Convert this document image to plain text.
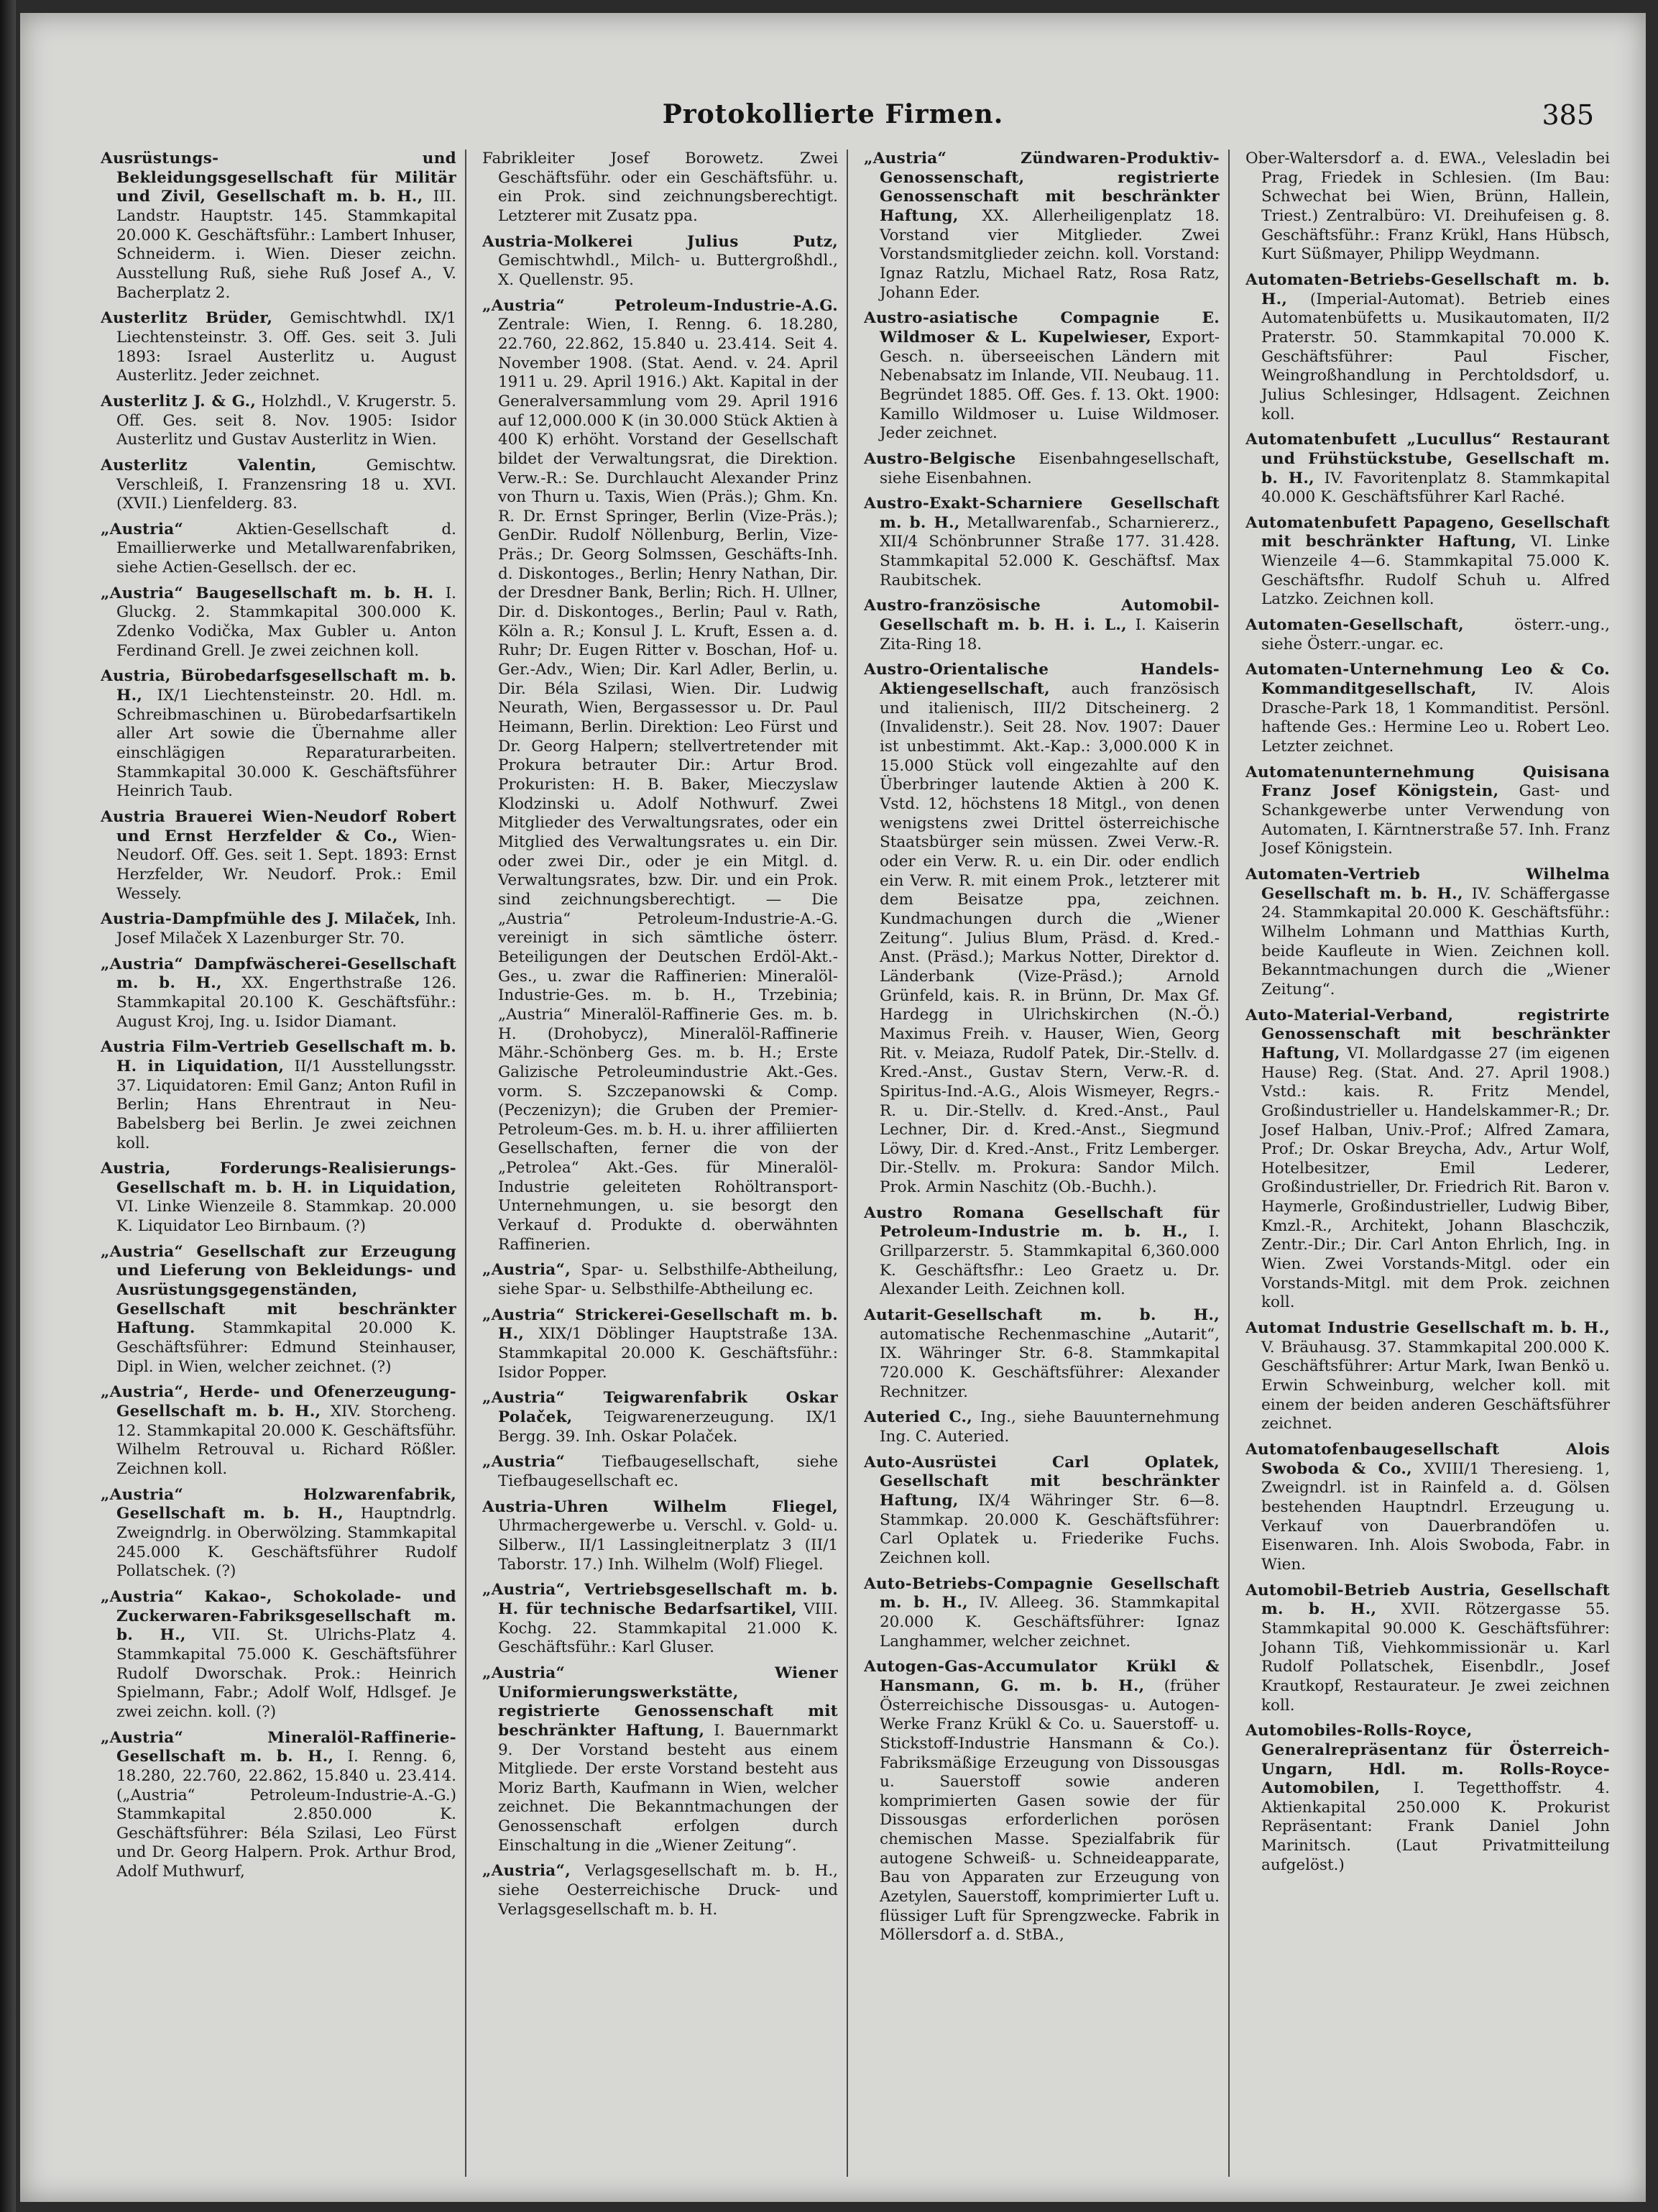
Protokollierte Firmen.	385

Ausrüstungs- und Bekleidungsgesellschaft für Militär und Zivil, Gesellschaft m. b. H., III. Landstr. Hauptstr. 145. Stammkapital 20.000 K. Geschäftsführ.: Lambert Inhuser, Schneiderm. i. Wien. Dieser zeichn. Ausstellung Ruß, siehe Ruß Josef A., V. Bacherplatz 2.

Austerlitz Brüder, Gemischtwhdl. IX/1 Liechtensteinstr. 3. Off. Ges. seit 3. Juli 1893: Israel Austerlitz u. August Austerlitz. Jeder zeichnet.

Austerlitz J. & G., Holzhdl., V. Krugerstr. 5. Off. Ges. seit 8. Nov. 1905: Isidor Austerlitz und Gustav Austerlitz in Wien.

Austerlitz Valentin,	Gemischtw. Verschleiß, I. Franzensring 18 u. XVI. (XVII.) Lienfelderg. 83.

„Austria“	Aktien-Gesellschaft d. Emaillierwerke und Metallwarenfabriken, siehe Actien-Gesellsch. der ec.

„Austria“ Baugesellschaft m. b. H. I. Gluckg. 2. Stammkapital 300.000 K. Zdenko Vodička, Max Gubler u. Anton Ferdinand Grell. Je zwei zeichnen koll.

Austria, Bürobedarfsgesellschaft m. b. H., IX/1 Liechtensteinstr. 20. Hdl. m. Schreibmaschinen u. Bürobedarfsartikeln aller Art sowie die Übernahme aller einschlägigen Reparaturarbeiten. Stammkapital 30.000 K. Geschäftsführer Heinrich Taub.

Austria Brauerei Wien-Neudorf Robert und Ernst Herzfelder & Co., Wien-Neudorf. Off. Ges. seit 1. Sept. 1893: Ernst Herzfelder, Wr. Neudorf. Prok.: Emil Wessely.

Austria-Dampfmühle des J. Milaček, Inh. Josef Milaček X Lazenburger Str. 70.

„Austria“ Dampfwäscherei-Gesellschaft m. b. H., XX. Engerthstraße 126. Stammkapital 20.100 K. Geschäftsführ.: August Kroj, Ing. u. Isidor Diamant.

Austria Film-Vertrieb Gesellschaft m. b. H. in Liquidation, II/1 Ausstellungsstr. 37. Liquidatoren: Emil Ganz; Anton Rufil in Berlin; Hans Ehrentraut in Neu-Babelsberg bei Berlin. Je zwei zeichnen koll.

Austria, Forderungs-Realisierungs-Gesellschaft m. b. H. in Liquidation, VI. Linke Wienzeile 8. Stammkap. 20.000 K. Liquidator Leo Birnbaum. (?)

„Austria“ Gesellschaft zur Erzeugung und Lieferung von Bekleidungs- und Ausrüstungsgegenständen, Gesellschaft mit beschränkter Haftung. Stammkapital 20.000 K. Geschäftsführer: Edmund Steinhauser, Dipl. in Wien, welcher zeichnet. (?)

„Austria“, Herde- und Ofenerzeugung-Gesellschaft m. b. H., XIV. Storcheng. 12. Stammkapital 20.000 K. Geschäftsführ. Wilhelm Retrouval u. Richard Rößler. Zeichnen koll.

„Austria“ Holzwarenfabrik, Gesellschaft m. b. H., Hauptndrlg. Zweigndrlg. in Oberwölzing. Stammkapital 245.000 K. Geschäftsführer Rudolf Pollatschek. (?)

„Austria“ Kakao-, Schokolade- und Zuckerwaren-Fabriksgesellschaft m. b. H., VII. St. Ulrichs-Platz 4. Stammkapital 75.000 K. Geschäftsführer Rudolf Dworschak. Prok.: Heinrich Spielmann, Fabr.; Adolf Wolf, Hdlsgef. Je zwei zeichn. koll. (?)

„Austria“ Mineralöl-Raffinerie-Gesellschaft m. b. H., I. Renng. 6, 18.280, 22.760, 22.862, 15.840 u. 23.414. („Austria“ Petroleum-Industrie-A.-G.) Stammkapital 2.850.000 K. Geschäftsführer: Béla Szilasi, Leo Fürst und Dr. Georg Halpern. Prok. Arthur Brod, Adolf Muthwurf,

Fabrikleiter Josef Borowetz. Zwei Geschäftsführ. oder ein Geschäftsführ. u. ein Prok. sind zeichnungsberechtigt. Letzterer mit Zusatz ppa.

Austria-Molkerei Julius Putz, Gemischtwhdl., Milch- u. Buttergroßhdl., X. Quellenstr. 95.

„Austria“ Petroleum-Industrie-A.G. Zentrale: Wien, I. Renng. 6. 18.280, 22.760, 22.862, 15.840 u. 23.414. Seit 4. November 1908. (Stat. Aend. v. 24. April 1911 u. 29. April 1916.) Akt. Kapital in der Generalversammlung vom 29. April 1916 auf 12,000.000 K (in 30.000 Stück Aktien à 400 K) erhöht. Vorstand der Gesellschaft bildet der Verwaltungsrat, die Direktion. Verw.-R.: Se. Durchlaucht Alexander Prinz von Thurn u. Taxis, Wien (Präs.); Ghm. Kn. R. Dr. Ernst Springer, Berlin (Vize-Präs.); GenDir. Rudolf Nöllenburg, Berlin, Vize-Präs.; Dr. Georg Solmssen, Geschäfts-Inh. d. Diskontoges., Berlin; Henry Nathan, Dir. der Dresdner Bank, Berlin; Rich. H. Ullner, Dir. d. Diskontoges., Berlin; Paul v. Rath, Köln a. R.; Konsul J. L. Kruft, Essen a. d. Ruhr; Dr. Eugen Ritter v. Boschan, Hof- u. Ger.-Adv., Wien; Dir. Karl Adler, Berlin, u. Dir. Béla Szilasi, Wien. Dir. Ludwig Neurath, Wien, Bergassessor u. Dr. Paul Heimann, Berlin. Direktion: Leo Fürst und Dr. Georg Halpern; stellvertretender mit Prokura betrauter Dir.: Artur Brod. Prokuristen: H. B. Baker, Mieczyslaw Klodzinski u. Adolf Nothwurf. Zwei Mitglieder des Verwaltungsrates, oder ein Mitglied des Verwaltungsrates u. ein Dir. oder zwei Dir., oder je ein Mitgl. d. Verwaltungsrates, bzw. Dir. und ein Prok. sind zeichnungsberechtigt. — Die „Austria“ Petroleum-Industrie-A.-G. vereinigt in sich sämtliche österr. Beteiligungen der Deutschen Erdöl-Akt.-Ges., u. zwar die Raffinerien: Mineralöl-Industrie-Ges. m. b. H., Trzebinia; „Austria“ Mineralöl-Raffinerie Ges. m. b. H. (Drohobycz), Mineralöl-Raffinerie Mähr.-Schönberg Ges. m. b. H.; Erste Galizische Petroleumindustrie Akt.-Ges. vorm. S. Szczepanowski & Comp. (Peczenizyn); die Gruben der Premier-Petroleum-Ges. m. b. H. u. ihrer affiliierten Gesellschaften, ferner die von der „Petrolea“ Akt.-Ges. für Mineralöl-Industrie geleiteten Rohöltransport-Unternehmungen, u. sie besorgt den Verkauf d. Produkte d. oberwähnten Raffinerien.

„Austria“, Spar- u. Selbsthilfe-Abtheilung, siehe Spar- u. Selbsthilfe-Abtheilung ec.

„Austria“ Strickerei-Gesellschaft m. b. H., XIX/1 Döblinger Hauptstraße 13A. Stammkapital 20.000 K. Geschäftsführ.: Isidor Popper.

„Austria“ Teigwarenfabrik Oskar Polaček, Teigwarenerzeugung. IX/1 Bergg. 39. Inh. Oskar Polaček.

„Austria“ Tiefbaugesellschaft, siehe Tiefbaugesellschaft ec.

Austria-Uhren Wilhelm Fliegel, Uhrmachergewerbe u. Verschl. v. Gold- u. Silberw., II/1 Lassingleitnerplatz 3 (II/1 Taborstr. 17.) Inh. Wilhelm (Wolf) Fliegel.

„Austria“, Vertriebsgesellschaft m. b. H. für technische Bedarfsartikel, VIII. Kochg. 22. Stammkapital 21.000 K. Geschäftsführ.: Karl Gluser.

„Austria“ Wiener Uniformierungswerkstätte, registrierte Genossenschaft mit beschränkter Haftung, I. Bauernmarkt 9. Der Vorstand besteht aus einem Mitgliede. Der erste Vorstand besteht aus Moriz Barth, Kaufmann in Wien, welcher zeichnet. Die Bekanntmachungen der Genossenschaft erfolgen durch Einschaltung in die „Wiener Zeitung“.

„Austria“, Verlagsgesellschaft m. b. H., siehe Oesterreichische Druck- und Verlagsgesellschaft m. b. H.

„Austria“ Zündwaren-Produktiv-Genossenschaft, registrierte Genossenschaft mit beschränkter Haftung, XX. Allerheiligenplatz 18. Vorstand vier Mitglieder. Zwei Vorstandsmitglieder zeichn. koll. Vorstand: Ignaz Ratzlu, Michael Ratz, Rosa Ratz, Johann Eder.

Austro-asiatische Compagnie E. Wildmoser & L. Kupelwieser, Export-Gesch. n. überseeischen Ländern mit Nebenabsatz im Inlande, VII. Neubaug. 11. Begründet 1885. Off. Ges. f. 13. Okt. 1900: Kamillo Wildmoser u. Luise Wildmoser. Jeder zeichnet.

Austro-Belgische Eisenbahngesellschaft, siehe Eisenbahnen.

Austro-Exakt-Scharniere Gesellschaft m. b. H., Metallwarenfab., Scharniererz., XII/4 Schönbrunner Straße 177. 31.428. Stammkapital 52.000 K. Geschäftsf. Max Raubitschek.

Austro-französische Automobil-Gesellschaft m. b. H. i. L., I. Kaiserin Zita-Ring 18.

Austro-Orientalische Handels-Aktiengesellschaft, auch französisch und italienisch, III/2 Ditscheinerg. 2 (Invalidenstr.). Seit 28. Nov. 1907: Dauer ist unbestimmt. Akt.-Kap.: 3,000.000 K in 15.000 Stück voll eingezahlte auf den Überbringer lautende Aktien à 200 K. Vstd. 12, höchstens 18 Mitgl., von denen wenigstens zwei Drittel österreichische Staatsbürger sein müssen. Zwei Verw.-R. oder ein Verw. R. u. ein Dir. oder endlich ein Verw. R. mit einem Prok., letzterer mit dem Beisatze ppa, zeichnen. Kundmachungen durch die „Wiener Zeitung“. Julius Blum, Präsd. d. Kred.-Anst. (Präsd.); Markus Notter, Direktor d. Länderbank (Vize-Präsd.); Arnold Grünfeld, kais. R. in Brünn, Dr. Max Gf. Hardegg in Ulrichskirchen (N.-Ö.) Maximus Freih. v. Hauser, Wien, Georg Rit. v. Meiaza, Rudolf Patek, Dir.-Stellv. d. Kred.-Anst., Gustav Stern, Verw.-R. d. Spiritus-Ind.-A.G., Alois Wismeyer, Regrs.-R. u. Dir.-Stellv. d. Kred.-Anst., Paul Lechner, Dir. d. Kred.-Anst., Siegmund Löwy, Dir. d. Kred.-Anst., Fritz Lemberger. Dir.-Stellv. m. Prokura: Sandor Milch. Prok. Armin Naschitz (Ob.-Buchh.).

Austro Romana Gesellschaft für Petroleum-Industrie m. b. H., I. Grillparzerstr. 5. Stammkapital 6,360.000 K. Geschäftsfhr.: Leo Graetz u. Dr. Alexander Leith. Zeichnen koll.

Autarit-Gesellschaft m. b. H., automatische Rechenmaschine „Autarit“, IX. Währinger Str. 6-8. Stammkapital 720.000 K. Geschäftsführer: Alexander Rechnitzer.

Auteried C., Ing., siehe Bauunternehmung Ing. C. Auteried.

Auto-Ausrüstei Carl Oplatek, Gesellschaft mit beschränkter Haftung, IX/4 Währinger Str. 6—8. Stammkap. 20.000 K. Geschäftsführer: Carl Oplatek u. Friederike Fuchs. Zeichnen koll.

Auto-Betriebs-Compagnie Gesellschaft m. b. H., IV. Alleeg. 36. Stammkapital 20.000 K. Geschäftsführer: Ignaz Langhammer, welcher zeichnet.

Autogen-Gas-Accumulator Krükl & Hansmann, G. m. b. H., (früher Österreichische Dissousgas- u. Autogen-Werke Franz Krükl & Co. u. Sauerstoff- u. Stickstoff-Industrie Hansmann & Co.). Fabriksmäßige Erzeugung von Dissousgas u. Sauerstoff sowie anderen komprimierten Gasen sowie der für Dissousgas erforderlichen porösen chemischen Masse. Spezialfabrik für autogene Schweiß- u. Schneideapparate, Bau von Apparaten zur Erzeugung von Azetylen, Sauerstoff, komprimierter Luft u. flüssiger Luft für Sprengzwecke. Fabrik in Möllersdorf a. d. StBA.,

Ober-Waltersdorf a. d. EWA., Velesladin bei Prag, Friedek in Schlesien. (Im Bau: Schwechat bei Wien, Brünn, Hallein, Triest.) Zentralbüro: VI. Dreihufeisen g. 8. Geschäftsführ.: Franz Krükl, Hans Hübsch, Kurt Süßmayer, Philipp Weydmann.

Automaten-Betriebs-Gesellschaft m. b. H., (Imperial-Automat). Betrieb eines Automatenbüfetts u. Musikautomaten, II/2 Praterstr. 50. Stammkapital 70.000 K. Geschäftsführer: Paul Fischer, Weingroßhandlung in Perchtoldsdorf, u. Julius Schlesinger, Hdlsagent. Zeichnen koll.

Automatenbufett „Lucullus“ Restaurant und Frühstückstube, Gesellschaft m. b. H., IV. Favoritenplatz 8. Stammkapital 40.000 K. Geschäftsführer Karl Raché.

Automatenbufett Papageno, Gesellschaft mit beschränkter Haftung, VI. Linke Wienzeile 4—6. Stammkapital 75.000 K. Geschäftsfhr. Rudolf Schuh u. Alfred Latzko. Zeichnen koll.

Automaten-Gesellschaft,	österr.-ung., siehe Österr.-ungar. ec.

Automaten-Unternehmung Leo & Co. Kommanditgesellschaft, IV. Alois Drasche-Park 18, 1 Kommanditist. Persönl. haftende Ges.: Hermine Leo u. Robert Leo. Letzter zeichnet.

Automatenunternehmung Quisisana Franz Josef Königstein, Gast- und Schankgewerbe unter Verwendung von Automaten, I. Kärntnerstraße 57. Inh. Franz Josef Königstein.

Automaten-Vertrieb Wilhelma Gesellschaft m. b. H., IV. Schäffergasse 24. Stammkapital 20.000 K. Geschäftsführ.: Wilhelm Lohmann und Matthias Kurth, beide Kaufleute in Wien. Zeichnen koll. Bekanntmachungen durch die „Wiener Zeitung“.

Auto-Material-Verband, registrirte Genossenschaft mit beschränkter Haftung, VI. Mollardgasse 27 (im eigenen Hause) Reg. (Stat. And. 27. April 1908.) Vstd.: kais. R. Fritz Mendel, Großindustrieller u. Handelskammer-R.; Dr. Josef Halban, Univ.-Prof.; Alfred Zamara, Prof.; Dr. Oskar Breycha, Adv., Artur Wolf, Hotelbesitzer, Emil Lederer, Großindustrieller, Dr. Friedrich Rit. Baron v. Haymerle, Großindustrieller, Ludwig Biber, Kmzl.-R., Architekt, Johann Blaschczik, Zentr.-Dir.; Dir. Carl Anton Ehrlich, Ing. in Wien. Zwei Vorstands-Mitgl. oder ein Vorstands-Mitgl. mit dem Prok. zeichnen koll.

Automat Industrie Gesellschaft m. b. H., V. Bräuhausg. 37. Stammkapital 200.000 K. Geschäftsführer: Artur Mark, Iwan Benkö u. Erwin Schweinburg, welcher koll. mit einem der beiden anderen Geschäftsführer zeichnet.

Automatofenbaugesellschaft Alois Swoboda & Co., XVIII/1 Theresieng. 1, Zweigndrl. ist in Rainfeld a. d. Gölsen bestehenden Hauptndrl. Erzeugung u. Verkauf von Dauerbrandöfen u. Eisenwaren. Inh. Alois Swoboda, Fabr. in Wien.

Automobil-Betrieb Austria, Gesellschaft m. b. H., XVII. Rötzergasse 55. Stammkapital 90.000 K. Geschäftsführer: Johann Tiß, Viehkommissionär u. Karl Rudolf Pollatschek, Eisenbdlr., Josef Krautkopf, Restaurateur. Je zwei zeichnen koll.

Automobiles-Rolls-Royce, Generalrepräsentanz für Österreich-Ungarn, Hdl. m. Rolls-Royce-Automobilen, I. Tegetthoffstr. 4. Aktienkapital 250.000 K. Prokurist Repräsentant: Frank Daniel John Marinitsch. (Laut Privatmitteilung aufgelöst.)
